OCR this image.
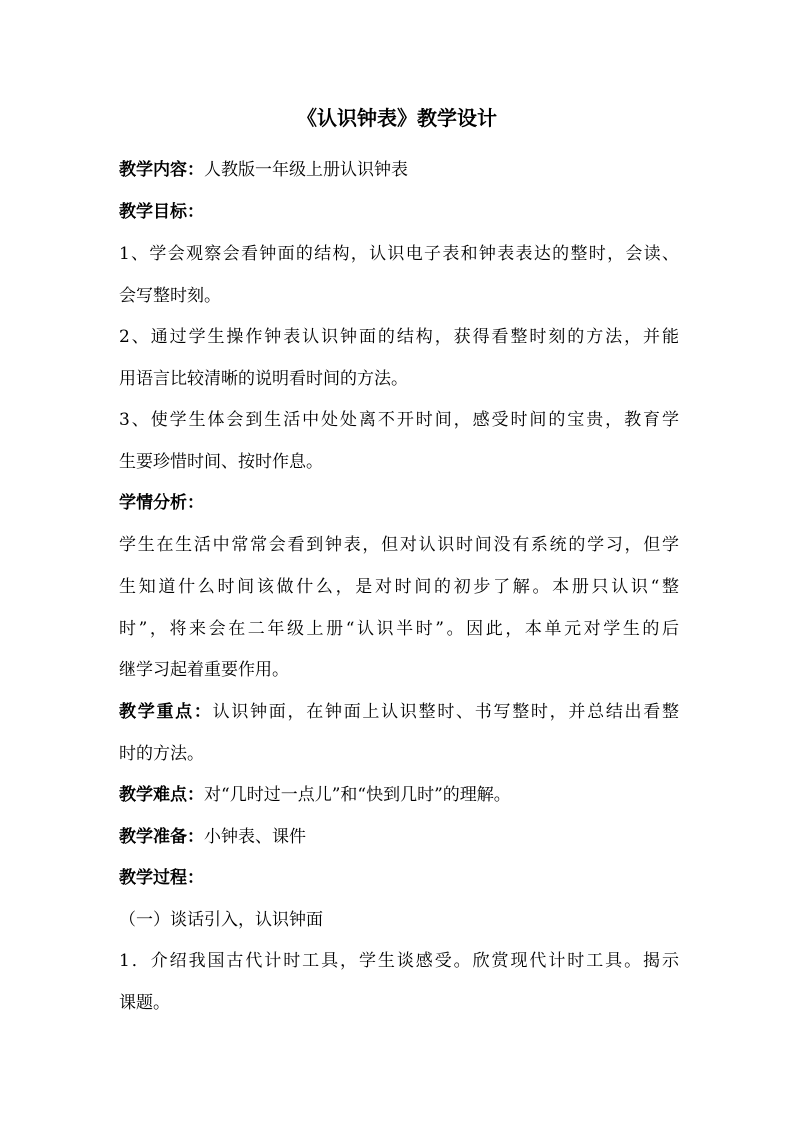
《认识钟表》教学设计
教学内容：人教版一年级上册认识钟表
教学目标：
1、学会观察会看钟面的结构，认识电子表和钟表表达的整时，会读、
会写整时刻。
2、通过学生操作钟表认识钟面的结构，获得看整时刻的方法，并能
用语言比较清晰的说明看时间的方法。
3、使学生体会到生活中处处离不开时间，感受时间的宝贵，教育学
生要珍惜时间、按时作息。
学情分析：
学生在生活中常常会看到钟表，但对认识时间没有系统的学习，但学
生知道什么时间该做什么，是对时间的初步了解。本册只认识“整
时”，将来会在二年级上册“认识半时”。因此，本单元对学生的后
继学习起着重要作用。
教学重点：认识钟面，在钟面上认识整时、书写整时，并总结出看整
时的方法。
教学难点：对“几时过一点儿”和“快到几时”的理解。
教学准备：小钟表、课件
教学过程：
（一）谈话引入，认识钟面
1．介绍我国古代计时工具，学生谈感受。欣赏现代计时工具。揭示
课题。
